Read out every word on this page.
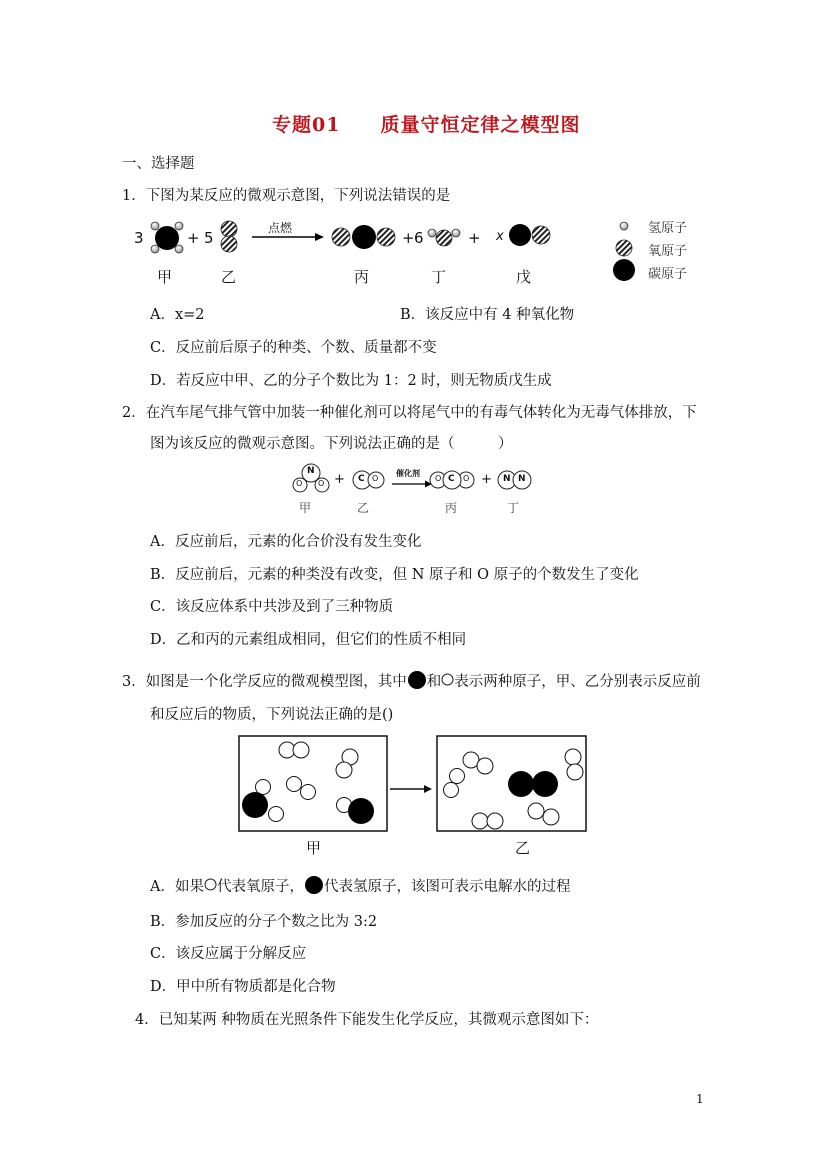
专题01　　质量守恒定律之模型图
一、选择题
1．下图为某反应的微观示意图，下列说法错误的是
3	+ 5
点燃
+ 6	+ x
甲	乙	丙	丁	戊
氢原子
氧原子
碳原子
A．x=2	B．该反应中有 4 种氧化物
C．反应前后原子的种类、个数、质量都不变
D．若反应中甲、乙的分子个数比为 1：2 时，则无物质戊生成
2．在汽车尾气排气管中加装一种催化剂可以将尾气中的有毒气体转化为无毒气体排放，下
图为该反应的微观示意图。下列说法正确的是（　　　）
N
O O + C O
催化剂
O C O + N N
甲	乙	丙	丁
A．反应前后，元素的化合价没有发生变化
B．反应前后，元素的种类没有改变，但 N 原子和 O 原子的个数发生了变化
C．该反应体系中共涉及到了三种物质
D．乙和丙的元素组成相同，但它们的性质不相同
3．如图是一个化学反应的微观模型图，其中 和 表示两种原子，甲、乙分别表示反应前
和反应后的物质，下列说法正确的是()
甲	乙
A．如果 代表氧原子， 代表氢原子，该图可表示电解水的过程
B．参加反应的分子个数之比为 3:2
C．该反应属于分解反应
D．甲中所有物质都是化合物
4．已知某两 种物质在光照条件下能发生化学反应，其微观示意图如下：
1
